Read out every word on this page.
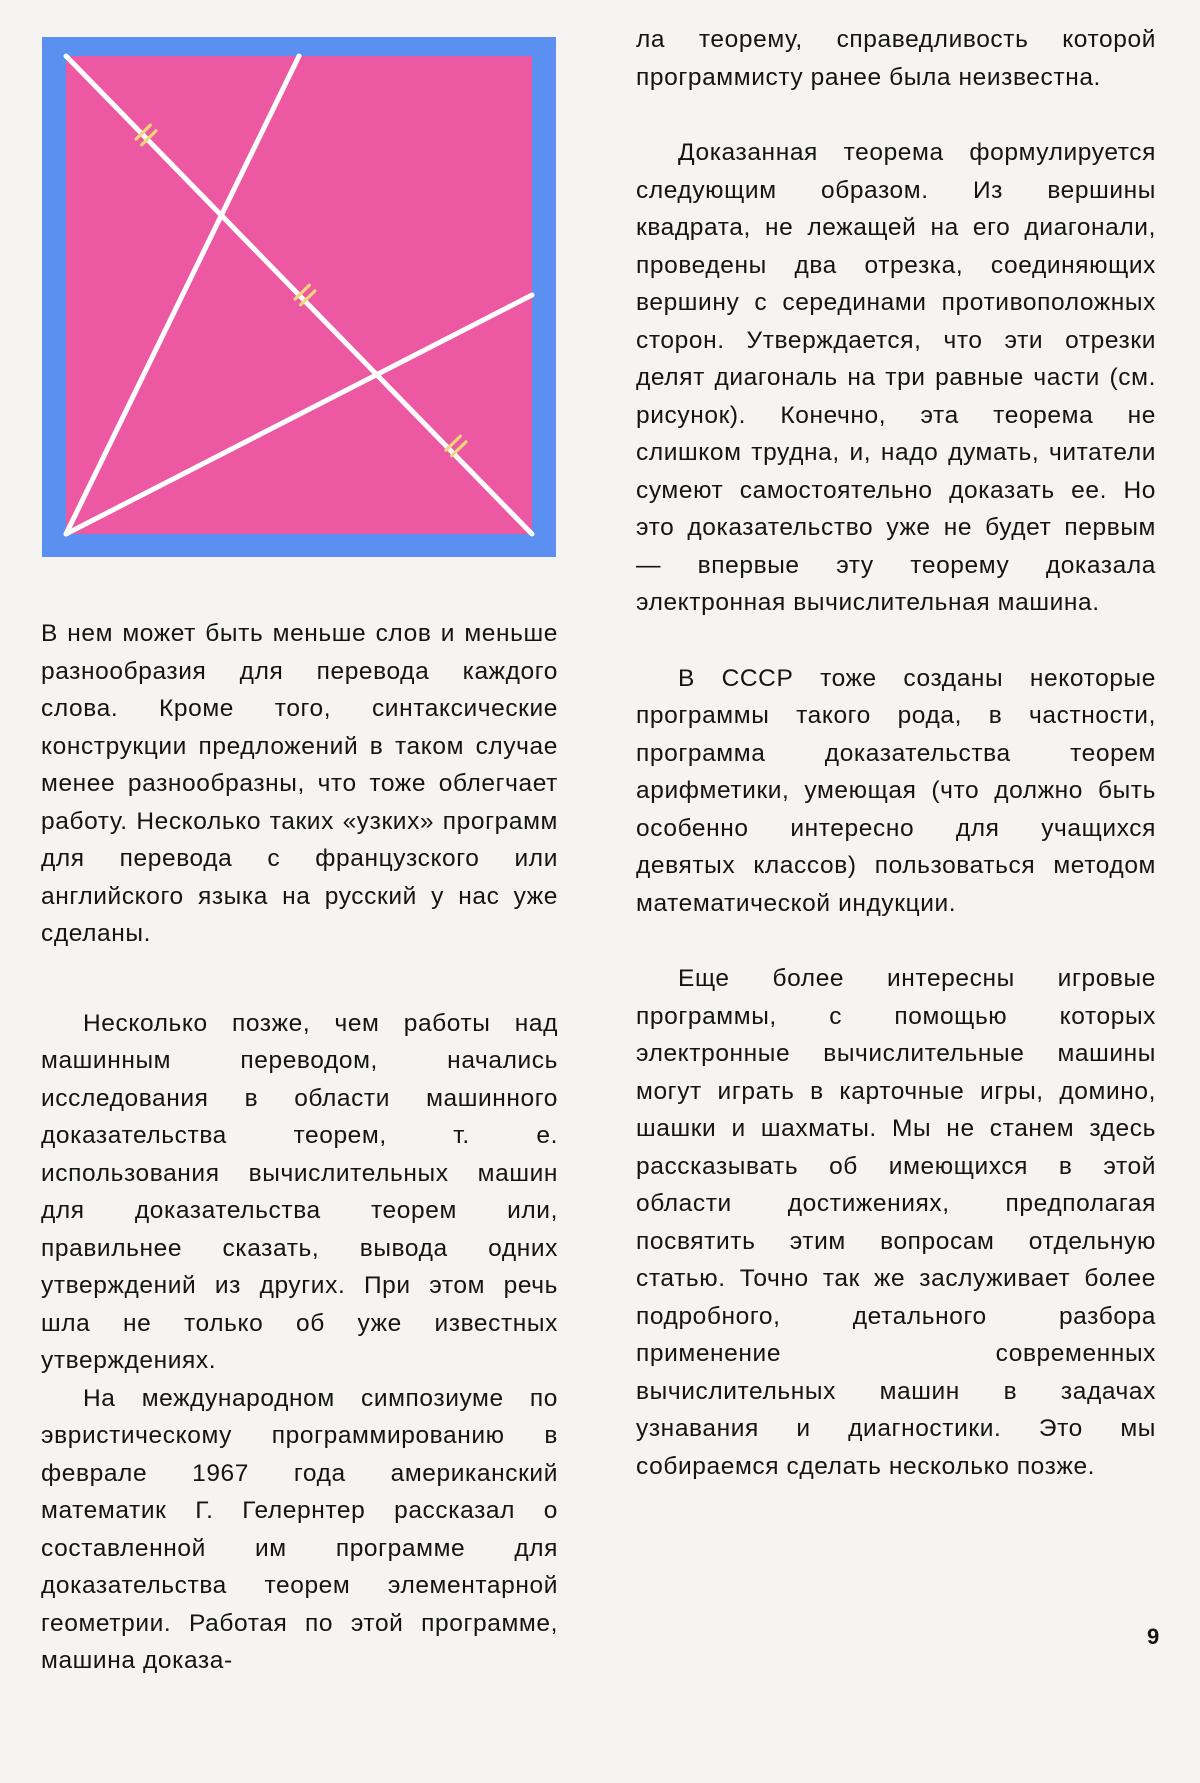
В нем может быть меньше слов и меньше разнообразия для перевода каждого слова. Кроме того, синтаксические конструкции предложений в таком случае менее разнообразны, что тоже облегчает работу. Несколько таких «узких» программ для перевода с французского или английского языка на русский у нас уже сделаны.

Несколько позже, чем работы над машинным переводом, начались исследования в области машинного доказательства теорем, т. е. использования вычислительных машин для доказательства теорем или, правильнее сказать, вывода одних утверждений из других. При этом речь шла не только об уже известных утверждениях.

На международном симпозиуме по эвристическому программированию в феврале 1967 года американский математик Г. Гелернтер рассказал о составленной им программе для доказательства теорем элементарной геометрии. Работая по этой программе, машина доказа-

ла теорему, справедливость которой программисту ранее была неизвестна.

Доказанная теорема формулируется следующим образом. Из вершины квадрата, не лежащей на его диагонали, проведены два отрезка, соединяющих вершину с серединами противоположных сторон. Утверждается, что эти отрезки делят диагональ на три равные части (см. рисунок). Конечно, эта теорема не слишком трудна, и, надо думать, читатели сумеют самостоятельно доказать ее. Но это доказательство уже не будет первым — впервые эту теорему доказала электронная вычислительная машина.

В СССР тоже созданы некоторые программы такого рода, в частности, программа доказательства теорем арифметики, умеющая (что должно быть особенно интересно для учащихся девятых классов) пользоваться методом математической индукции.

Еще более интересны игровые программы, с помощью которых электронные вычислительные машины могут играть в карточные игры, домино, шашки и шахматы. Мы не станем здесь рассказывать об имеющихся в этой области достижениях, предполагая посвятить этим вопросам отдельную статью. Точно так же заслуживает более подробного, детального разбора применение современных вычислительных машин в задачах узнавания и диагностики. Это мы собираемся сделать несколько позже.

9
